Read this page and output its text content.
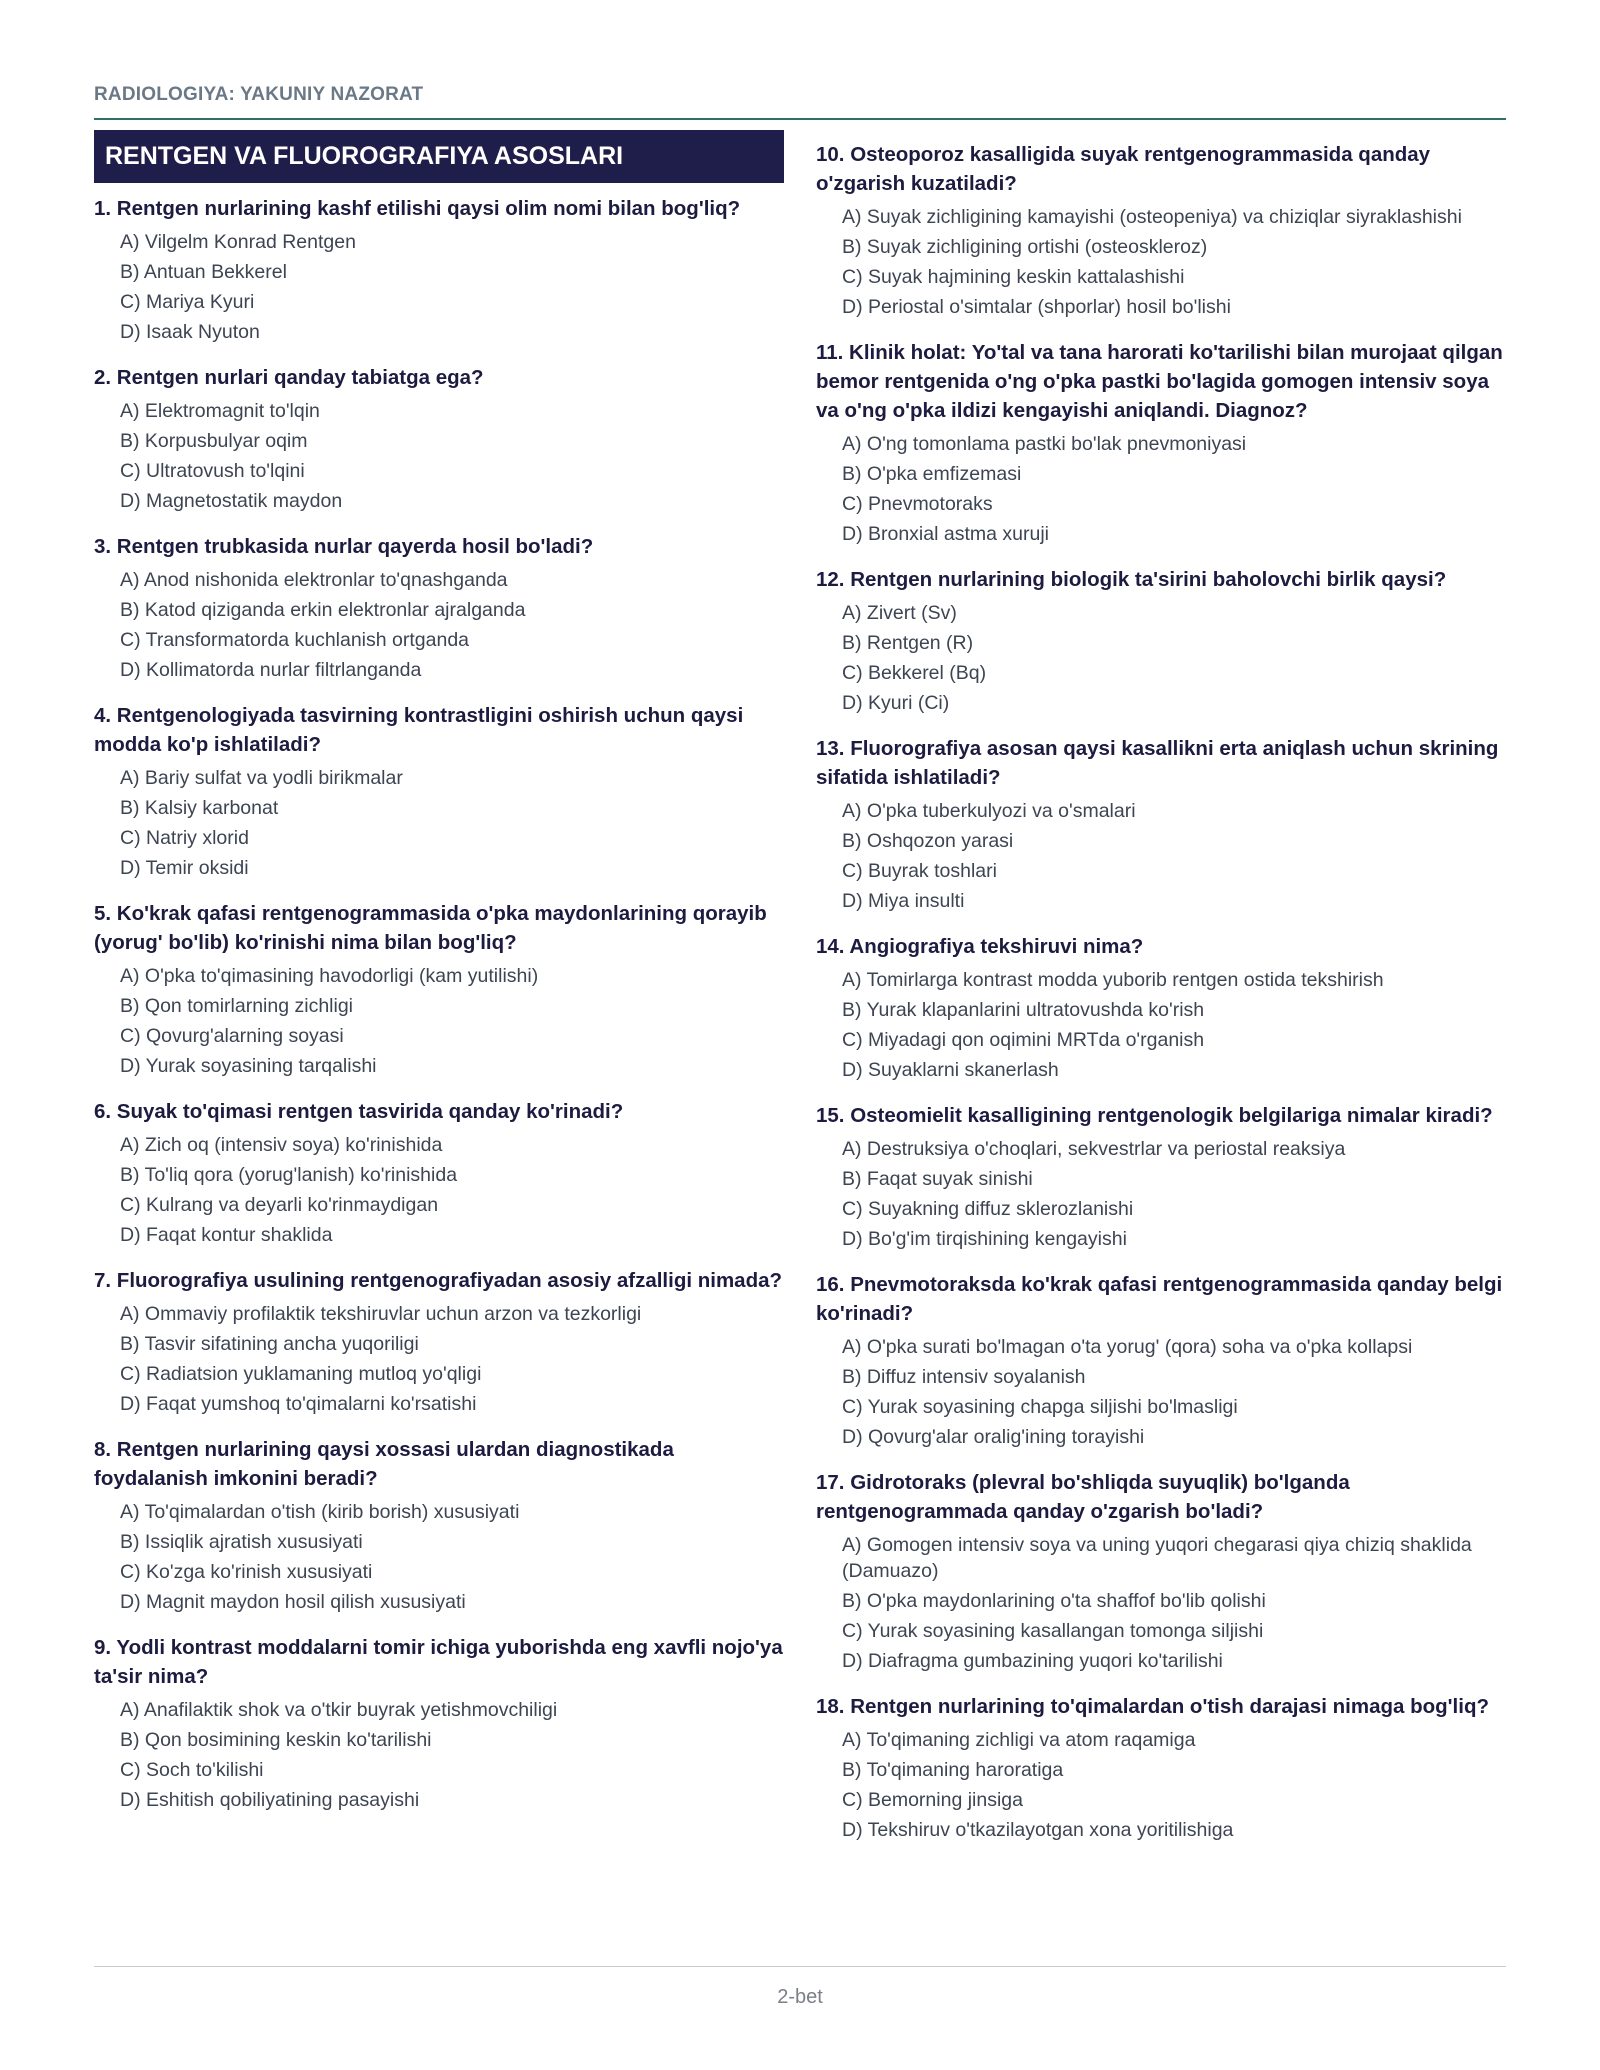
RADIOLOGIYA: YAKUNIY NAZORAT
RENTGEN VA FLUOROGRAFIYA ASOSLARI
1. Rentgen nurlarining kashf etilishi qaysi olim nomi bilan bog'liq?
A) Vilgelm Konrad Rentgen
B) Antuan Bekkerel
C) Mariya Kyuri
D) Isaak Nyuton
2. Rentgen nurlari qanday tabiatga ega?
A) Elektromagnit to'lqin
B) Korpusbulyar oqim
C) Ultratovush to'lqini
D) Magnetostatik maydon
3. Rentgen trubkasida nurlar qayerda hosil bo'ladi?
A) Anod nishonida elektronlar to'qnashganda
B) Katod qiziganda erkin elektronlar ajralganda
C) Transformatorda kuchlanish ortganda
D) Kollimatorda nurlar filtrlanganda
4. Rentgenologiyada tasvirning kontrastligini oshirish uchun qaysi modda ko'p ishlatiladi?
A) Bariy sulfat va yodli birikmalar
B) Kalsiy karbonat
C) Natriy xlorid
D) Temir oksidi
5. Ko'krak qafasi rentgenogrammasida o'pka maydonlarining qorayib (yorug' bo'lib) ko'rinishi nima bilan bog'liq?
A) O'pka to'qimasining havodorligi (kam yutilishi)
B) Qon tomirlarning zichligi
C) Qovurg'alarning soyasi
D) Yurak soyasining tarqalishi
6. Suyak to'qimasi rentgen tasvirida qanday ko'rinadi?
A) Zich oq (intensiv soya) ko'rinishida
B) To'liq qora (yorug'lanish) ko'rinishida
C) Kulrang va deyarli ko'rinmaydigan
D) Faqat kontur shaklida
7. Fluorografiya usulining rentgenografiyadan asosiy afzalligi nimada?
A) Ommaviy profilaktik tekshiruvlar uchun arzon va tezkorligi
B) Tasvir sifatining ancha yuqoriligi
C) Radiatsion yuklamaning mutloq yo'qligi
D) Faqat yumshoq to'qimalarni ko'rsatishi
8. Rentgen nurlarining qaysi xossasi ulardan diagnostikada foydalanish imkonini beradi?
A) To'qimalardan o'tish (kirib borish) xususiyati
B) Issiqlik ajratish xususiyati
C) Ko'zga ko'rinish xususiyati
D) Magnit maydon hosil qilish xususiyati
9. Yodli kontrast moddalarni tomir ichiga yuborishda eng xavfli nojo'ya ta'sir nima?
A) Anafilaktik shok va o'tkir buyrak yetishmovchiligi
B) Qon bosimining keskin ko'tarilishi
C) Soch to'kilishi
D) Eshitish qobiliyatining pasayishi
10. Osteoporoz kasalligida suyak rentgenogrammasida qanday o'zgarish kuzatiladi?
A) Suyak zichligining kamayishi (osteopeniya) va chiziqlar siyraklashishi
B) Suyak zichligining ortishi (osteoskleroz)
C) Suyak hajmining keskin kattalashishi
D) Periostal o'simtalar (shporlar) hosil bo'lishi
11. Klinik holat: Yo'tal va tana harorati ko'tarilishi bilan murojaat qilgan bemor rentgenida o'ng o'pka pastki bo'lagida gomogen intensiv soya va o'ng o'pka ildizi kengayishi aniqlandi. Diagnoz?
A) O'ng tomonlama pastki bo'lak pnevmoniyasi
B) O'pka emfizemasi
C) Pnevmotoraks
D) Bronxial astma xuruji
12. Rentgen nurlarining biologik ta'sirini baholovchi birlik qaysi?
A) Zivert (Sv)
B) Rentgen (R)
C) Bekkerel (Bq)
D) Kyuri (Ci)
13. Fluorografiya asosan qaysi kasallikni erta aniqlash uchun skrining sifatida ishlatiladi?
A) O'pka tuberkulyozi va o'smalari
B) Oshqozon yarasi
C) Buyrak toshlari
D) Miya insulti
14. Angiografiya tekshiruvi nima?
A) Tomirlarga kontrast modda yuborib rentgen ostida tekshirish
B) Yurak klapanlarini ultratovushda ko'rish
C) Miyadagi qon oqimini MRTda o'rganish
D) Suyaklarni skanerlash
15. Osteomielit kasalligining rentgenologik belgilariga nimalar kiradi?
A) Destruksiya o'choqlari, sekvestrlar va periostal reaksiya
B) Faqat suyak sinishi
C) Suyakning diffuz sklerozlanishi
D) Bo'g'im tirqishining kengayishi
16. Pnevmotoraksda ko'krak qafasi rentgenogrammasida qanday belgi ko'rinadi?
A) O'pka surati bo'lmagan o'ta yorug' (qora) soha va o'pka kollapsi
B) Diffuz intensiv soyalanish
C) Yurak soyasining chapga siljishi bo'lmasligi
D) Qovurg'alar oralig'ining torayishi
17. Gidrotoraks (plevral bo'shliqda suyuqlik) bo'lganda rentgenogrammada qanday o'zgarish bo'ladi?
A) Gomogen intensiv soya va uning yuqori chegarasi qiya chiziq shaklida (Damuazo)
B) O'pka maydonlarining o'ta shaffof bo'lib qolishi
C) Yurak soyasining kasallangan tomonga siljishi
D) Diafragma gumbazining yuqori ko'tarilishi
18. Rentgen nurlarining to'qimalardan o'tish darajasi nimaga bog'liq?
A) To'qimaning zichligi va atom raqamiga
B) To'qimaning haroratiga
C) Bemorning jinsiga
D) Tekshiruv o'tkazilayotgan xona yoritilishiga
2-bet
